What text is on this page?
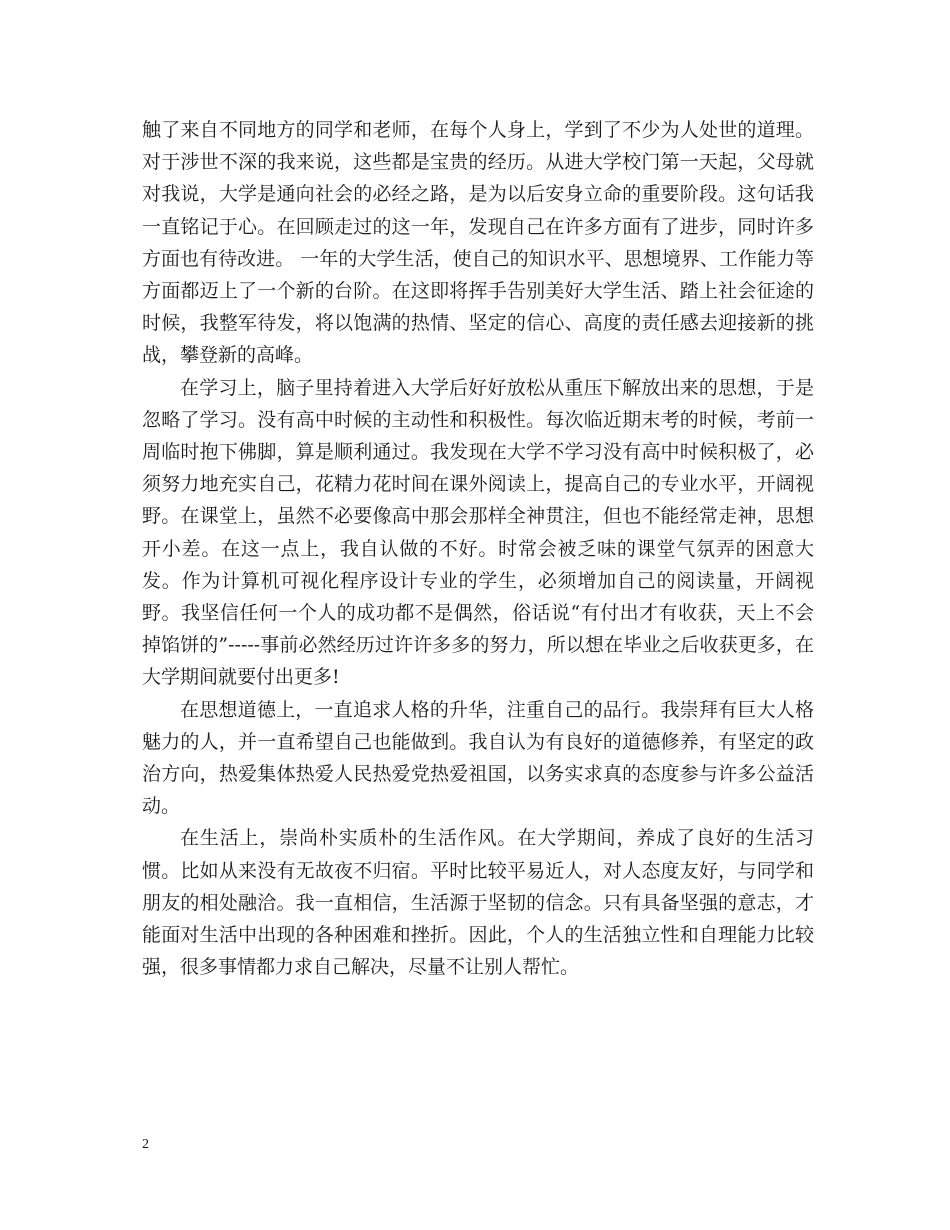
触了来自不同地方的同学和老师，在每个人身上，学到了不少为人处世的道理。对于涉世不深的我来说，这些都是宝贵的经历。从进大学校门第一天起，父母就对我说，大学是通向社会的必经之路，是为以后安身立命的重要阶段。这句话我一直铭记于心。在回顾走过的这一年，发现自己在许多方面有了进步，同时许多方面也有待改进。 一年的大学生活，使自己的知识水平、思想境界、工作能力等方面都迈上了一个新的台阶。在这即将挥手告别美好大学生活、踏上社会征途的时候，我整军待发，将以饱满的热情、坚定的信心、高度的责任感去迎接新的挑战，攀登新的高峰。

在学习上，脑子里持着进入大学后好好放松从重压下解放出来的思想，于是忽略了学习。没有高中时候的主动性和积极性。每次临近期末考的时候，考前一周临时抱下佛脚，算是顺利通过。我发现在大学不学习没有高中时候积极了，必须努力地充实自己，花精力花时间在课外阅读上，提高自己的专业水平，开阔视野。在课堂上，虽然不必要像高中那会那样全神贯注，但也不能经常走神，思想开小差。在这一点上，我自认做的不好。时常会被乏味的课堂气氛弄的困意大发。作为计算机可视化程序设计专业的学生，必须增加自己的阅读量，开阔视野。我坚信任何一个人的成功都不是偶然，俗话说“有付出才有收获，天上不会掉馅饼的”-----事前必然经历过许许多多的努力，所以想在毕业之后收获更多，在大学期间就要付出更多!

在思想道德上，一直追求人格的升华，注重自己的品行。我崇拜有巨大人格魅力的人，并一直希望自己也能做到。我自认为有良好的道德修养，有坚定的政治方向，热爱集体热爱人民热爱党热爱祖国，以务实求真的态度参与许多公益活动。

在生活上，崇尚朴实质朴的生活作风。在大学期间，养成了良好的生活习惯。比如从来没有无故夜不归宿。平时比较平易近人，对人态度友好，与同学和朋友的相处融洽。我一直相信，生活源于坚韧的信念。只有具备坚强的意志，才能面对生活中出现的各种困难和挫折。因此，个人的生活独立性和自理能力比较强，很多事情都力求自己解决，尽量不让别人帮忙。

2
